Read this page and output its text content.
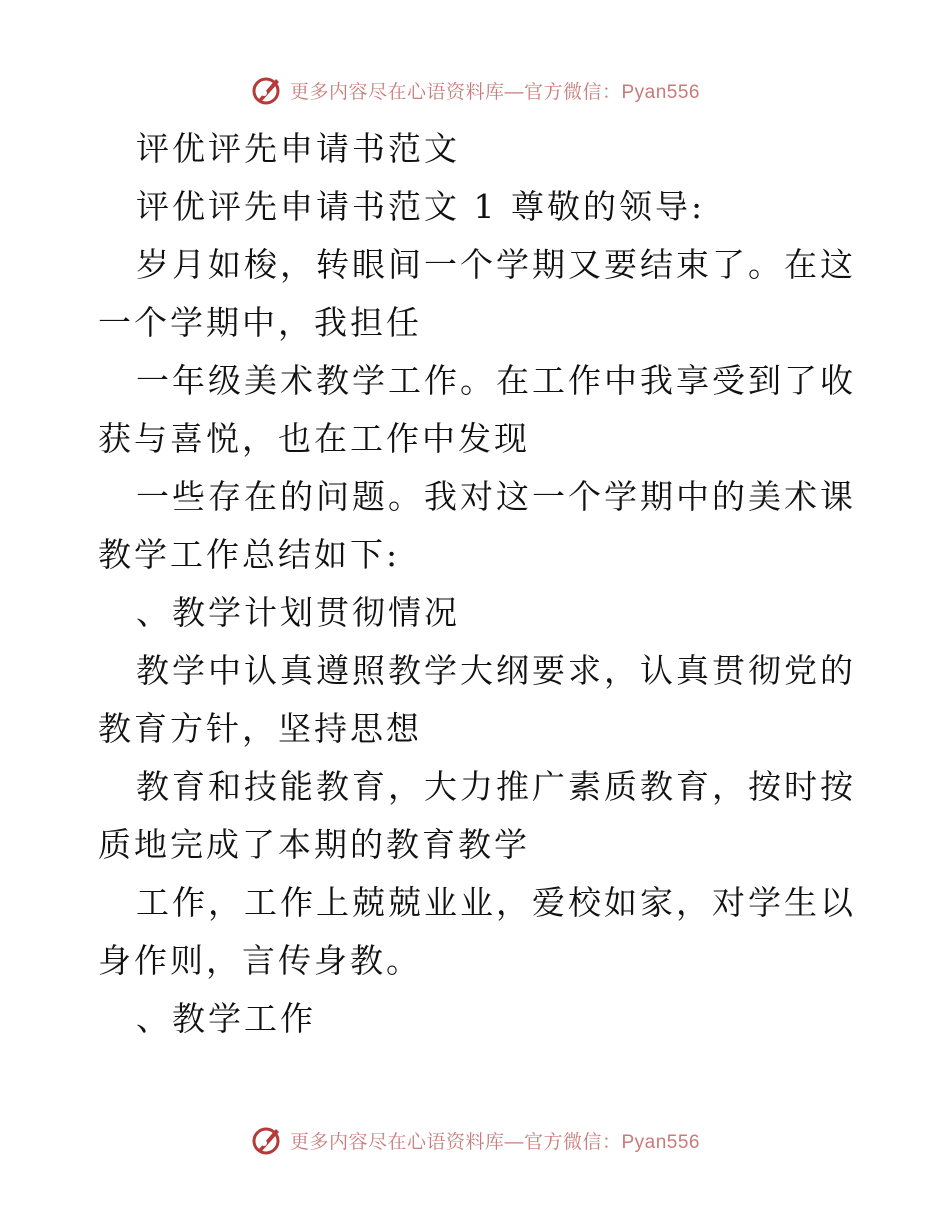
更多内容尽在心语资料库—官方微信：Pyan556

评优评先申请书范文

评优评先申请书范文 1 尊敬的领导:

岁月如梭，转眼间一个学期又要结束了。在这一个学期中，我担任

一年级美术教学工作。在工作中我享受到了收获与喜悦，也在工作中发现

一些存在的问题。我对这一个学期中的美术课教学工作总结如下:

、教学计划贯彻情况

教学中认真遵照教学大纲要求，认真贯彻党的教育方针，坚持思想

教育和技能教育，大力推广素质教育，按时按质地完成了本期的教育教学

工作，工作上兢兢业业，爱校如家，对学生以身作则，言传身教。

、教学工作

更多内容尽在心语资料库—官方微信：Pyan556
